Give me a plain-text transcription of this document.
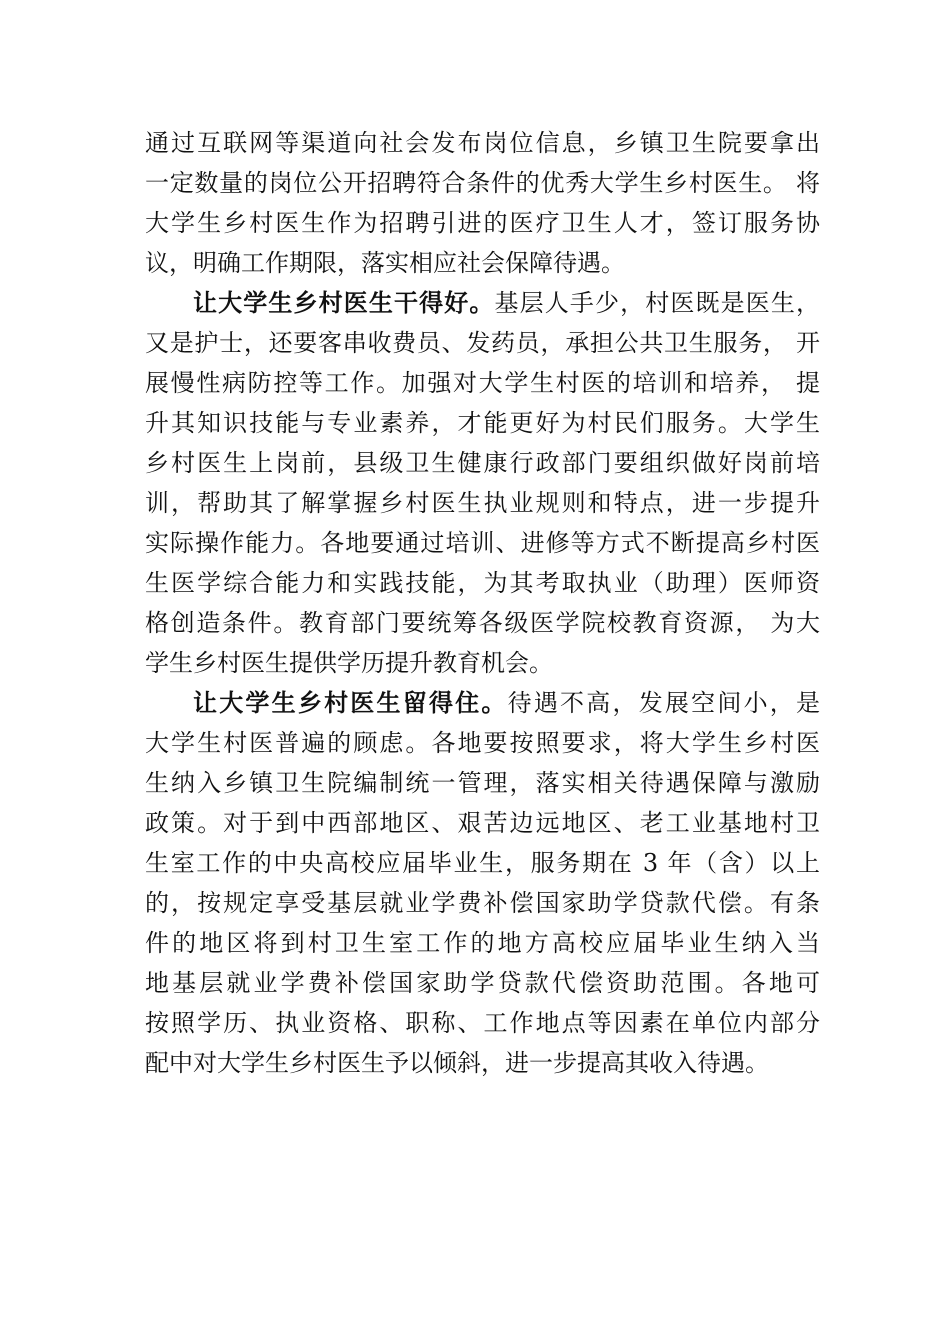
通过互联网等渠道向社会发布岗位信息，乡镇卫生院要拿出
一定数量的岗位公开招聘符合条件的优秀大学生乡村医生。 将
大学生乡村医生作为招聘引进的医疗卫生人才，签订服务协
议，明确工作期限，落实相应社会保障待遇。
让大学生乡村医生干得好。基层人手少，村医既是医生，
又是护士，还要客串收费员、发药员，承担公共卫生服务， 开
展慢性病防控等工作。加强对大学生村医的培训和培养， 提
升其知识技能与专业素养，才能更好为村民们服务。大学生
乡村医生上岗前，县级卫生健康行政部门要组织做好岗前培
训，帮助其了解掌握乡村医生执业规则和特点，进一步提升
实际操作能力。各地要通过培训、进修等方式不断提高乡村医
生医学综合能力和实践技能，为其考取执业（助理）医师资
格创造条件。教育部门要统筹各级医学院校教育资源， 为大
学生乡村医生提供学历提升教育机会。
让大学生乡村医生留得住。待遇不高，发展空间小，是
大学生村医普遍的顾虑。各地要按照要求，将大学生乡村医
生纳入乡镇卫生院编制统一管理，落实相关待遇保障与激励
政策。对于到中西部地区、艰苦边远地区、老工业基地村卫
生室工作的中央高校应届毕业生，服务期在 3 年（含）以上
的，按规定享受基层就业学费补偿国家助学贷款代偿。有条
件的地区将到村卫生室工作的地方高校应届毕业生纳入当
地基层就业学费补偿国家助学贷款代偿资助范围。各地可
按照学历、执业资格、职称、工作地点等因素在单位内部分
配中对大学生乡村医生予以倾斜，进一步提高其收入待遇。
